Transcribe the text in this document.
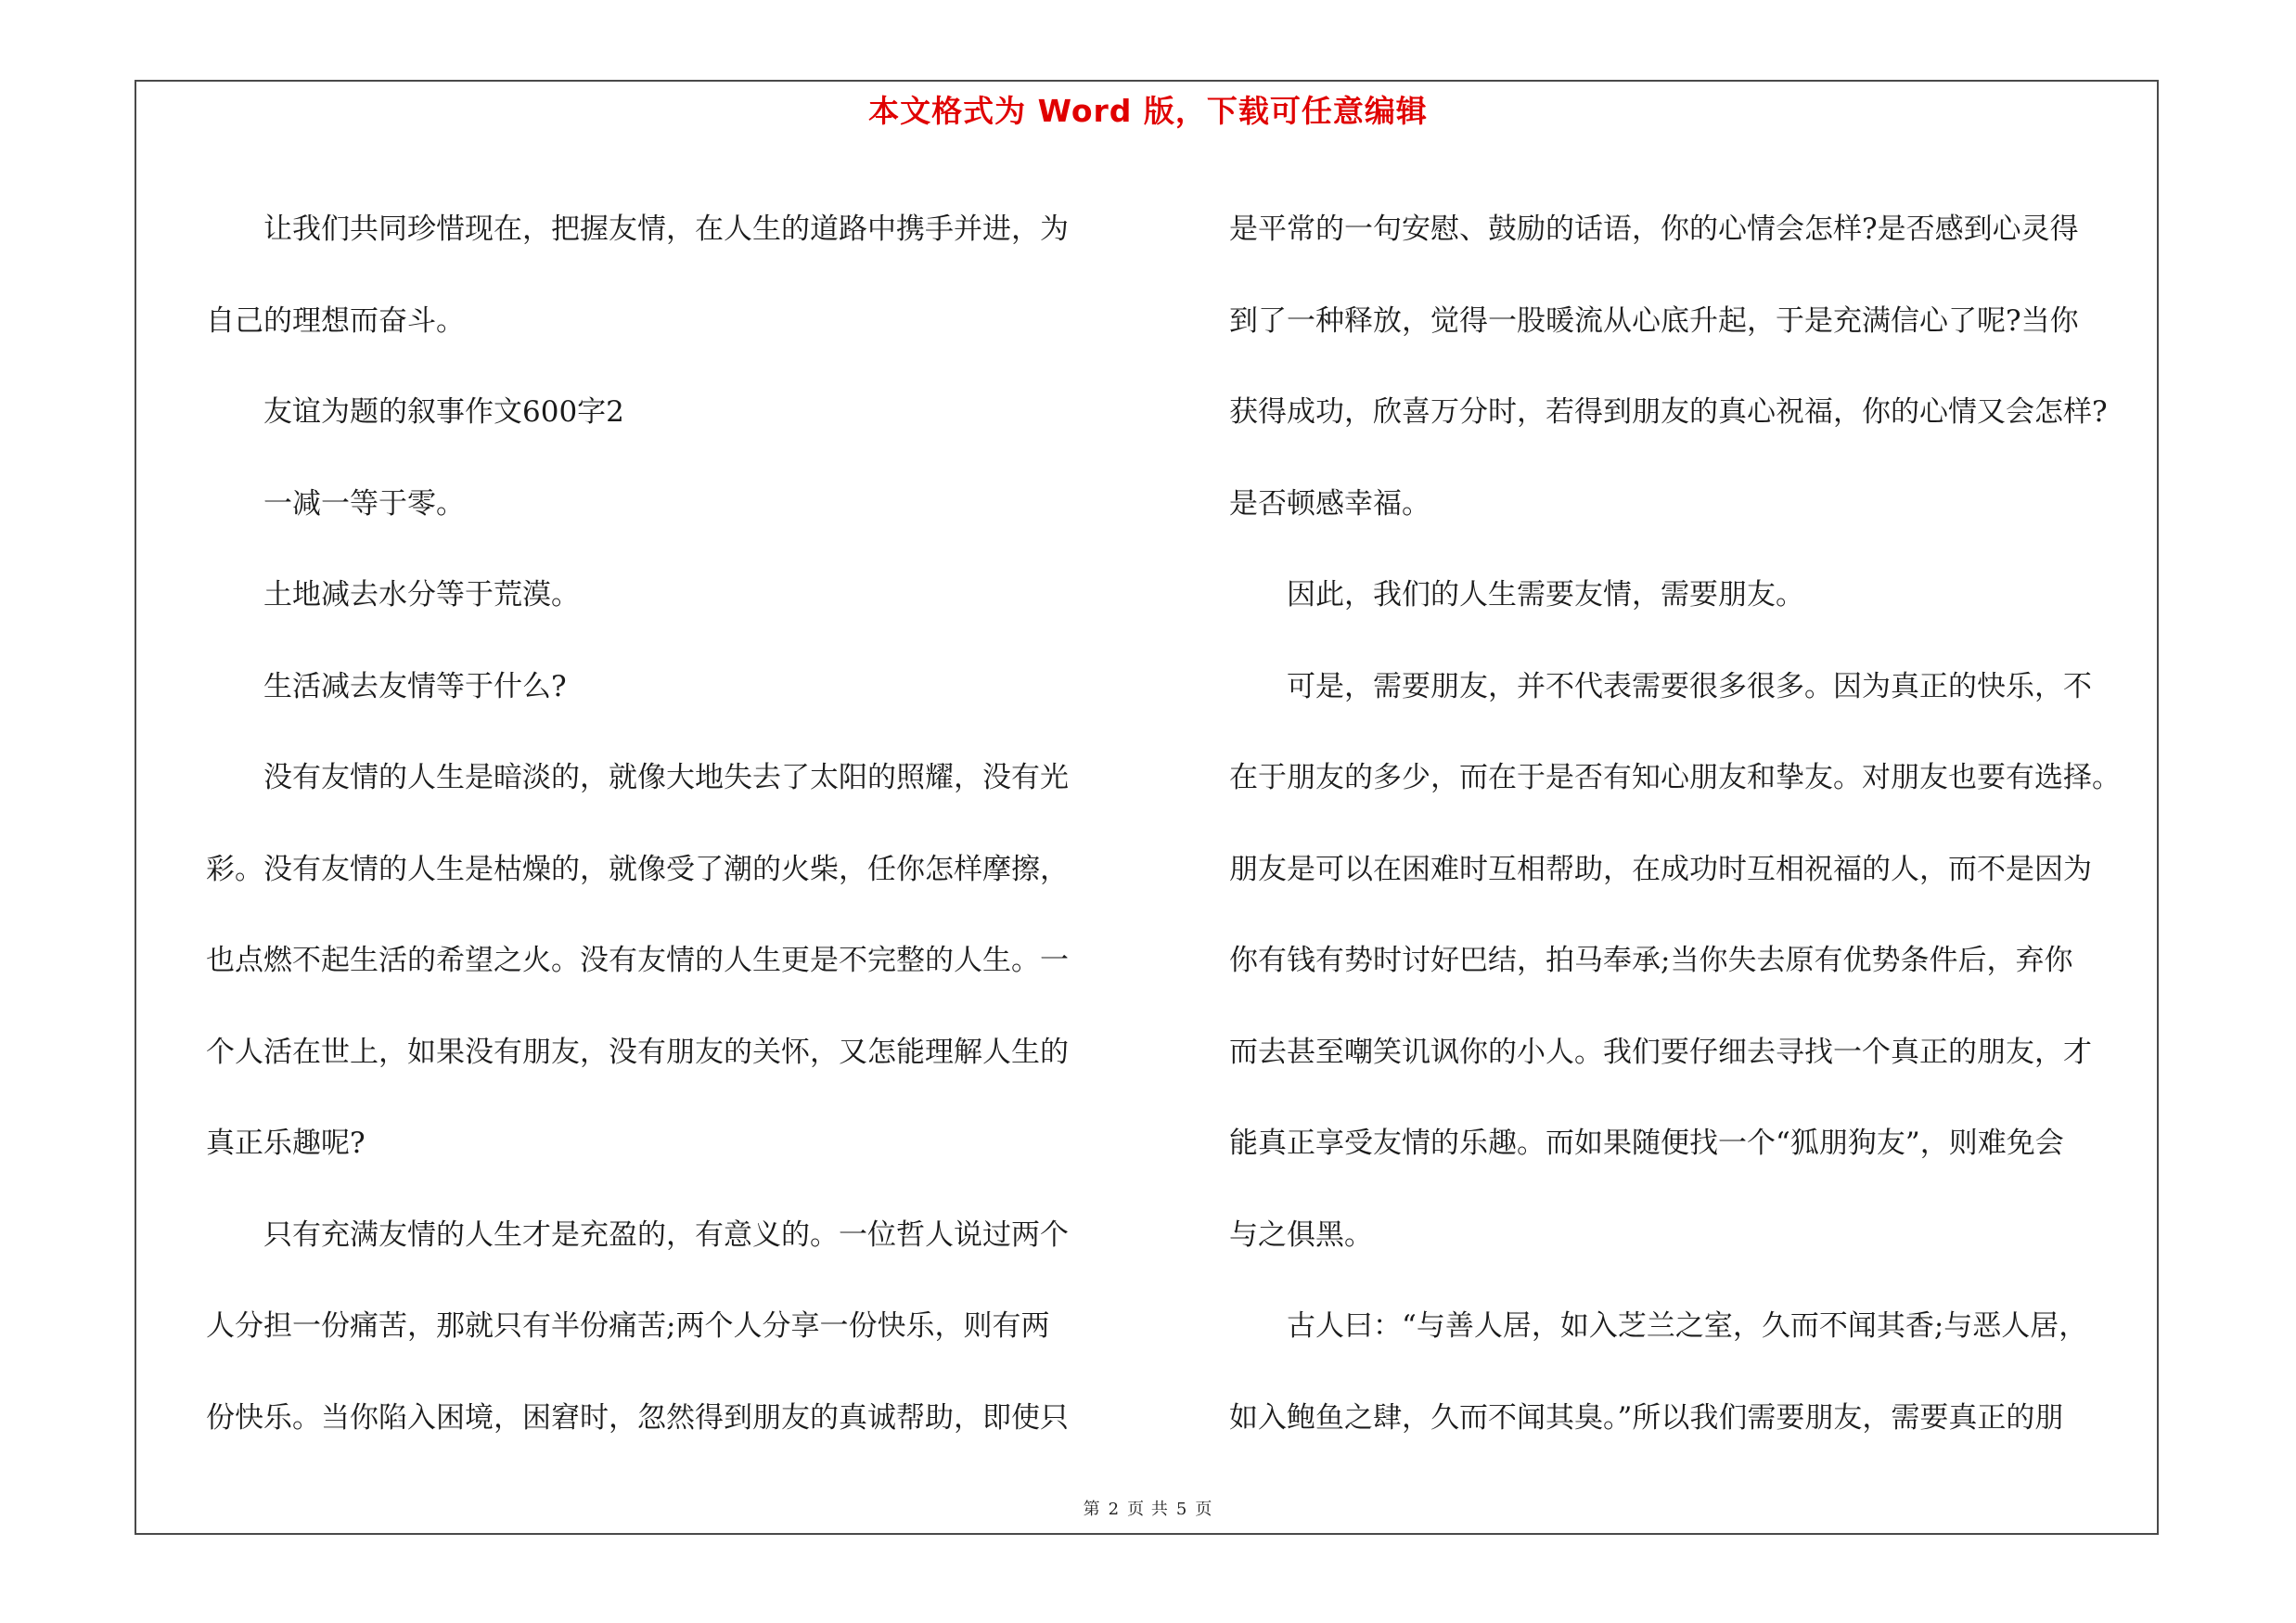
本文格式为 Word 版，下载可任意编辑

让我们共同珍惜现在，把握友情，在人生的道路中携手并进，为

自己的理想而奋斗。

友谊为题的叙事作文600字2

一减一等于零。

土地减去水分等于荒漠。

生活减去友情等于什么?

没有友情的人生是暗淡的，就像大地失去了太阳的照耀，没有光

彩。没有友情的人生是枯燥的，就像受了潮的火柴，任你怎样摩擦，

也点燃不起生活的希望之火。没有友情的人生更是不完整的人生。一

个人活在世上，如果没有朋友，没有朋友的关怀，又怎能理解人生的

真正乐趣呢?

只有充满友情的人生才是充盈的，有意义的。一位哲人说过两个

人分担一份痛苦，那就只有半份痛苦;两个人分享一份快乐，则有两

份快乐。当你陷入困境，困窘时，忽然得到朋友的真诚帮助，即使只

是平常的一句安慰、鼓励的话语，你的心情会怎样?是否感到心灵得

到了一种释放，觉得一股暖流从心底升起，于是充满信心了呢?当你

获得成功，欣喜万分时，若得到朋友的真心祝福，你的心情又会怎样?

是否顿感幸福。

因此，我们的人生需要友情，需要朋友。

可是，需要朋友，并不代表需要很多很多。因为真正的快乐，不

在于朋友的多少，而在于是否有知心朋友和挚友。对朋友也要有选择。

朋友是可以在困难时互相帮助，在成功时互相祝福的人，而不是因为

你有钱有势时讨好巴结，拍马奉承;当你失去原有优势条件后，弃你

而去甚至嘲笑讥讽你的小人。我们要仔细去寻找一个真正的朋友，才

能真正享受友情的乐趣。而如果随便找一个“狐朋狗友”，则难免会

与之俱黑。

古人曰：“与善人居，如入芝兰之室，久而不闻其香;与恶人居，

如入鲍鱼之肆，久而不闻其臭。”所以我们需要朋友，需要真正的朋

第 2 页 共 5 页
